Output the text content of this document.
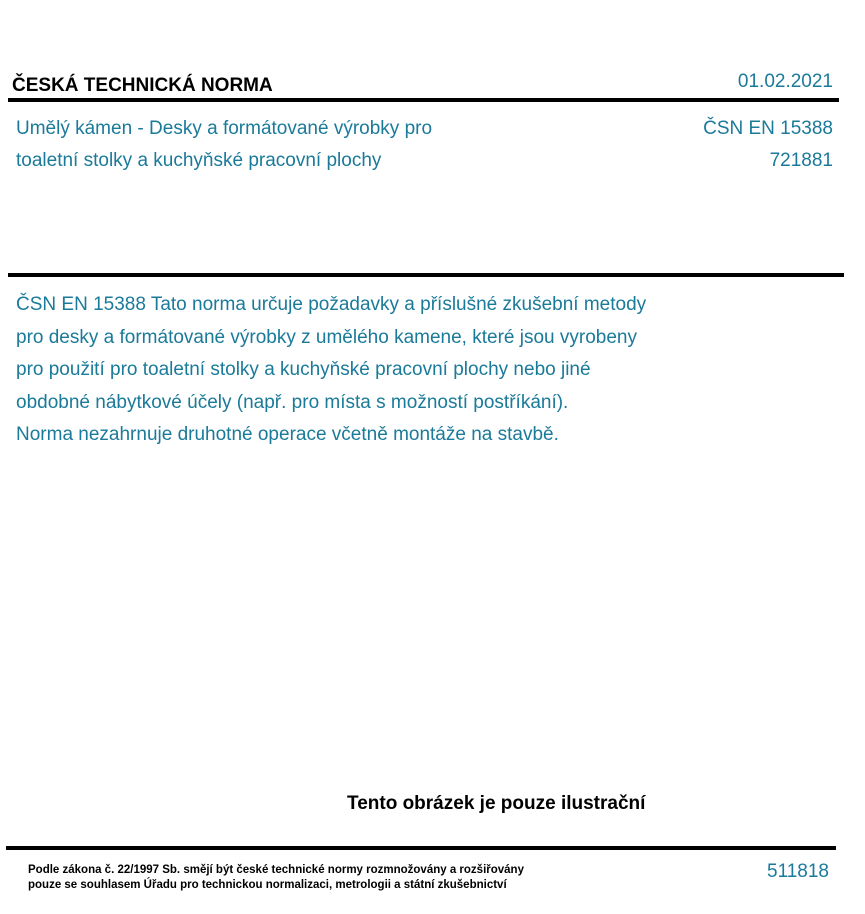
ČESKÁ TECHNICKÁ NORMA	01.02.2021
Umělý kámen - Desky a formátované výrobky pro
toaletní stolky a kuchyňské pracovní plochy
ČSN EN 15388
721881
ČSN EN 15388 Tato norma určuje požadavky a příslušné zkušební metody
pro desky a formátované výrobky z umělého kamene, které jsou vyrobeny
pro použití pro toaletní stolky a kuchyňské pracovní plochy nebo jiné
obdobné nábytkové účely (např. pro místa s možností postříkání).
Norma nezahrnuje druhotné operace včetně montáže na stavbě.
Tento obrázek je pouze ilustrační
Podle zákona č. 22/1997 Sb. smějí být české technické normy rozmnožovány a rozšiřovány
pouze se souhlasem Úřadu pro technickou normalizaci, metrologii a státní zkušebnictví
511818
